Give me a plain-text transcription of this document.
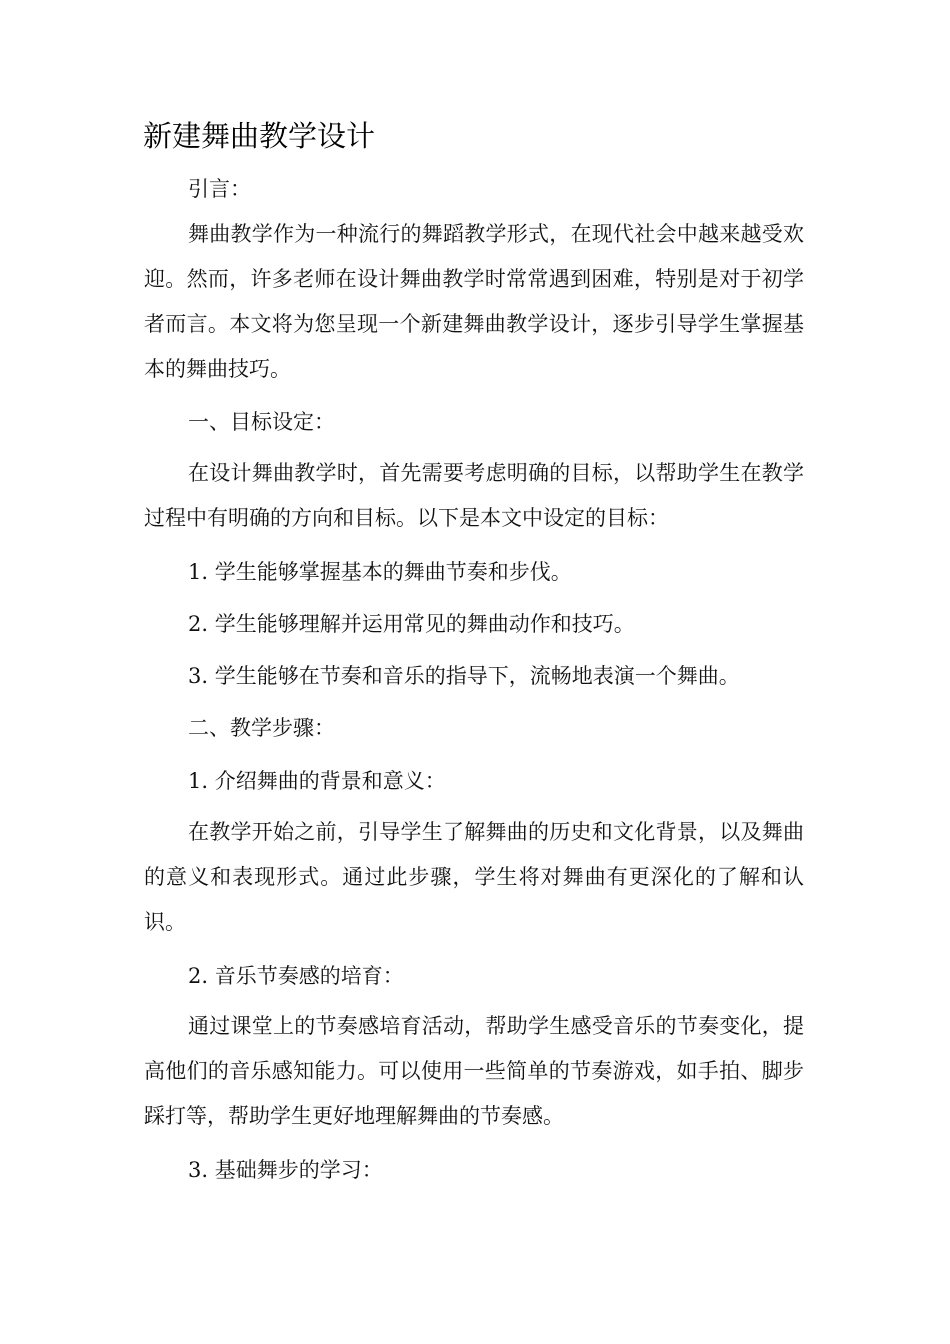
新建舞曲教学设计

引言：

舞曲教学作为一种流行的舞蹈教学形式，在现代社会中越来越受欢迎。然而，许多老师在设计舞曲教学时常常遇到困难，特别是对于初学者而言。本文将为您呈现一个新建舞曲教学设计，逐步引导学生掌握基本的舞曲技巧。

一、目标设定：

在设计舞曲教学时，首先需要考虑明确的目标，以帮助学生在教学过程中有明确的方向和目标。以下是本文中设定的目标：

1. 学生能够掌握基本的舞曲节奏和步伐。

2. 学生能够理解并运用常见的舞曲动作和技巧。

3. 学生能够在节奏和音乐的指导下，流畅地表演一个舞曲。

二、教学步骤：

1. 介绍舞曲的背景和意义：

在教学开始之前，引导学生了解舞曲的历史和文化背景，以及舞曲的意义和表现形式。通过此步骤，学生将对舞曲有更深化的了解和认识。

2. 音乐节奏感的培育：

通过课堂上的节奏感培育活动，帮助学生感受音乐的节奏变化，提高他们的音乐感知能力。可以使用一些简单的节奏游戏，如手拍、脚步踩打等，帮助学生更好地理解舞曲的节奏感。

3. 基础舞步的学习：
